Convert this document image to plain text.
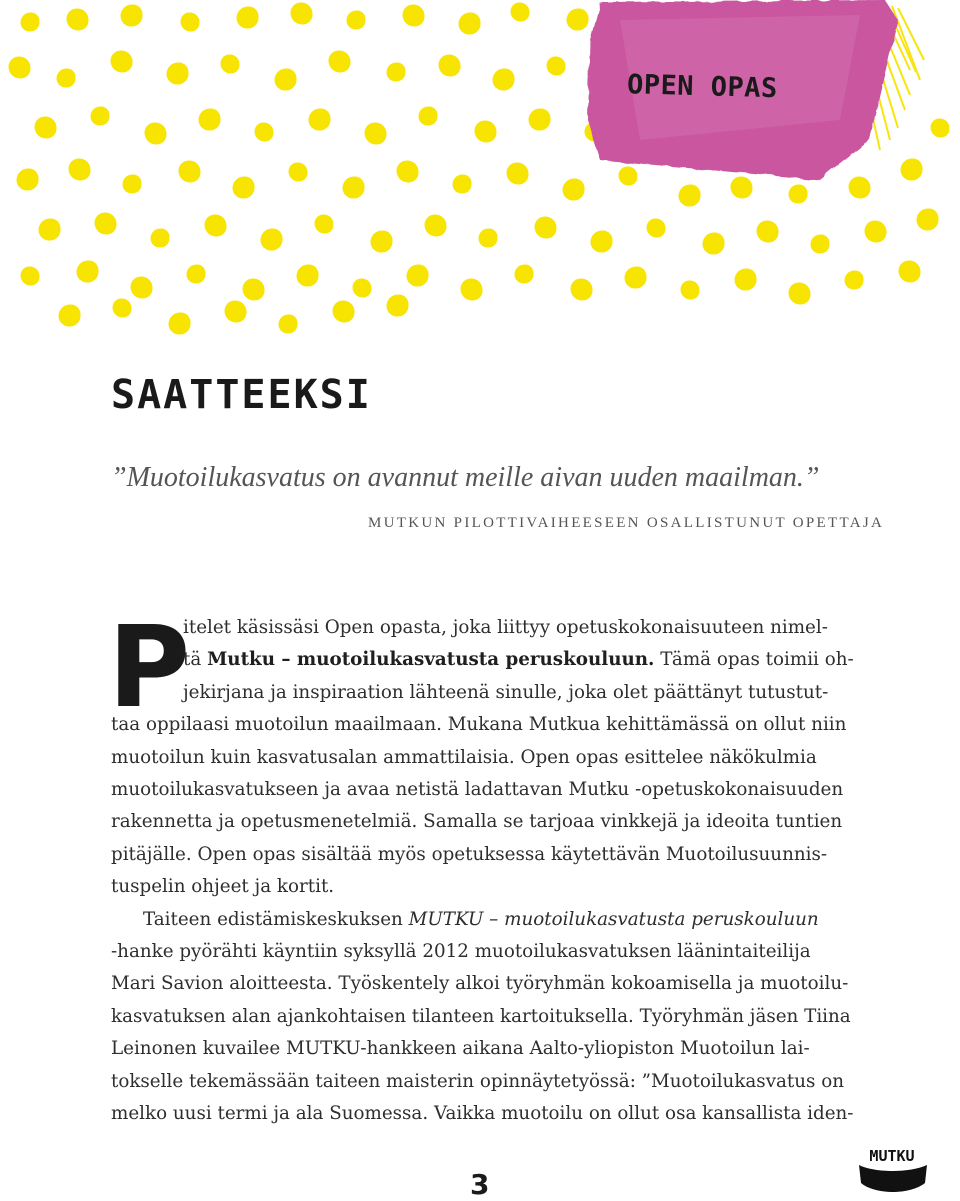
OPEN OPAS
SAATTEEKSI

”Muotoilukasvatus on avannut meille aivan uuden maailman.”

MUTKUN PILOTTIVAIHEESEEN OSALLISTUNUT OPETTAJA

P
itelet käsissäsi Open opasta, joka liittyy opetuskokonaisuuteen nimel-
tä Mutku – muotoilukasvatusta peruskouluun. Tämä opas toimii oh-
jekirjana ja inspiraation lähteenä sinulle, joka olet päättänyt tutustut-
taa oppilaasi muotoilun maailmaan. Mukana Mutkua kehittämässä on ollut niin
muotoilun kuin kasvatusalan ammattilaisia. Open opas esittelee näkökulmia
muotoilukasvatukseen ja avaa netistä ladattavan Mutku -opetuskokonaisuuden
rakennetta ja opetusmenetelmiä. Samalla se tarjoaa vinkkejä ja ideoita tuntien
pitäjälle. Open opas sisältää myös opetuksessa käytettävän Muotoilusuunnis-
tuspelin ohjeet ja kortit.
Taiteen edistämiskeskuksen MUTKU – muotoilukasvatusta peruskouluun
-hanke pyörähti käyntiin syksyllä 2012 muotoilukasvatuksen läänintaiteilija
Mari Savion aloitteesta. Työskentely alkoi työryhmän kokoamisella ja muotoilu-
kasvatuksen alan ajankohtaisen tilanteen kartoituksella. Työryhmän jäsen Tiina
Leinonen kuvailee MUTKU-hankkeen aikana Aalto-yliopiston Muotoilun lai-
tokselle tekemässään taiteen maisterin opinnäytetyössä: ”Muotoilukasvatus on
melko uusi termi ja ala Suomessa. Vaikka muotoilu on ollut osa kansallista iden-
3
MUTKU
